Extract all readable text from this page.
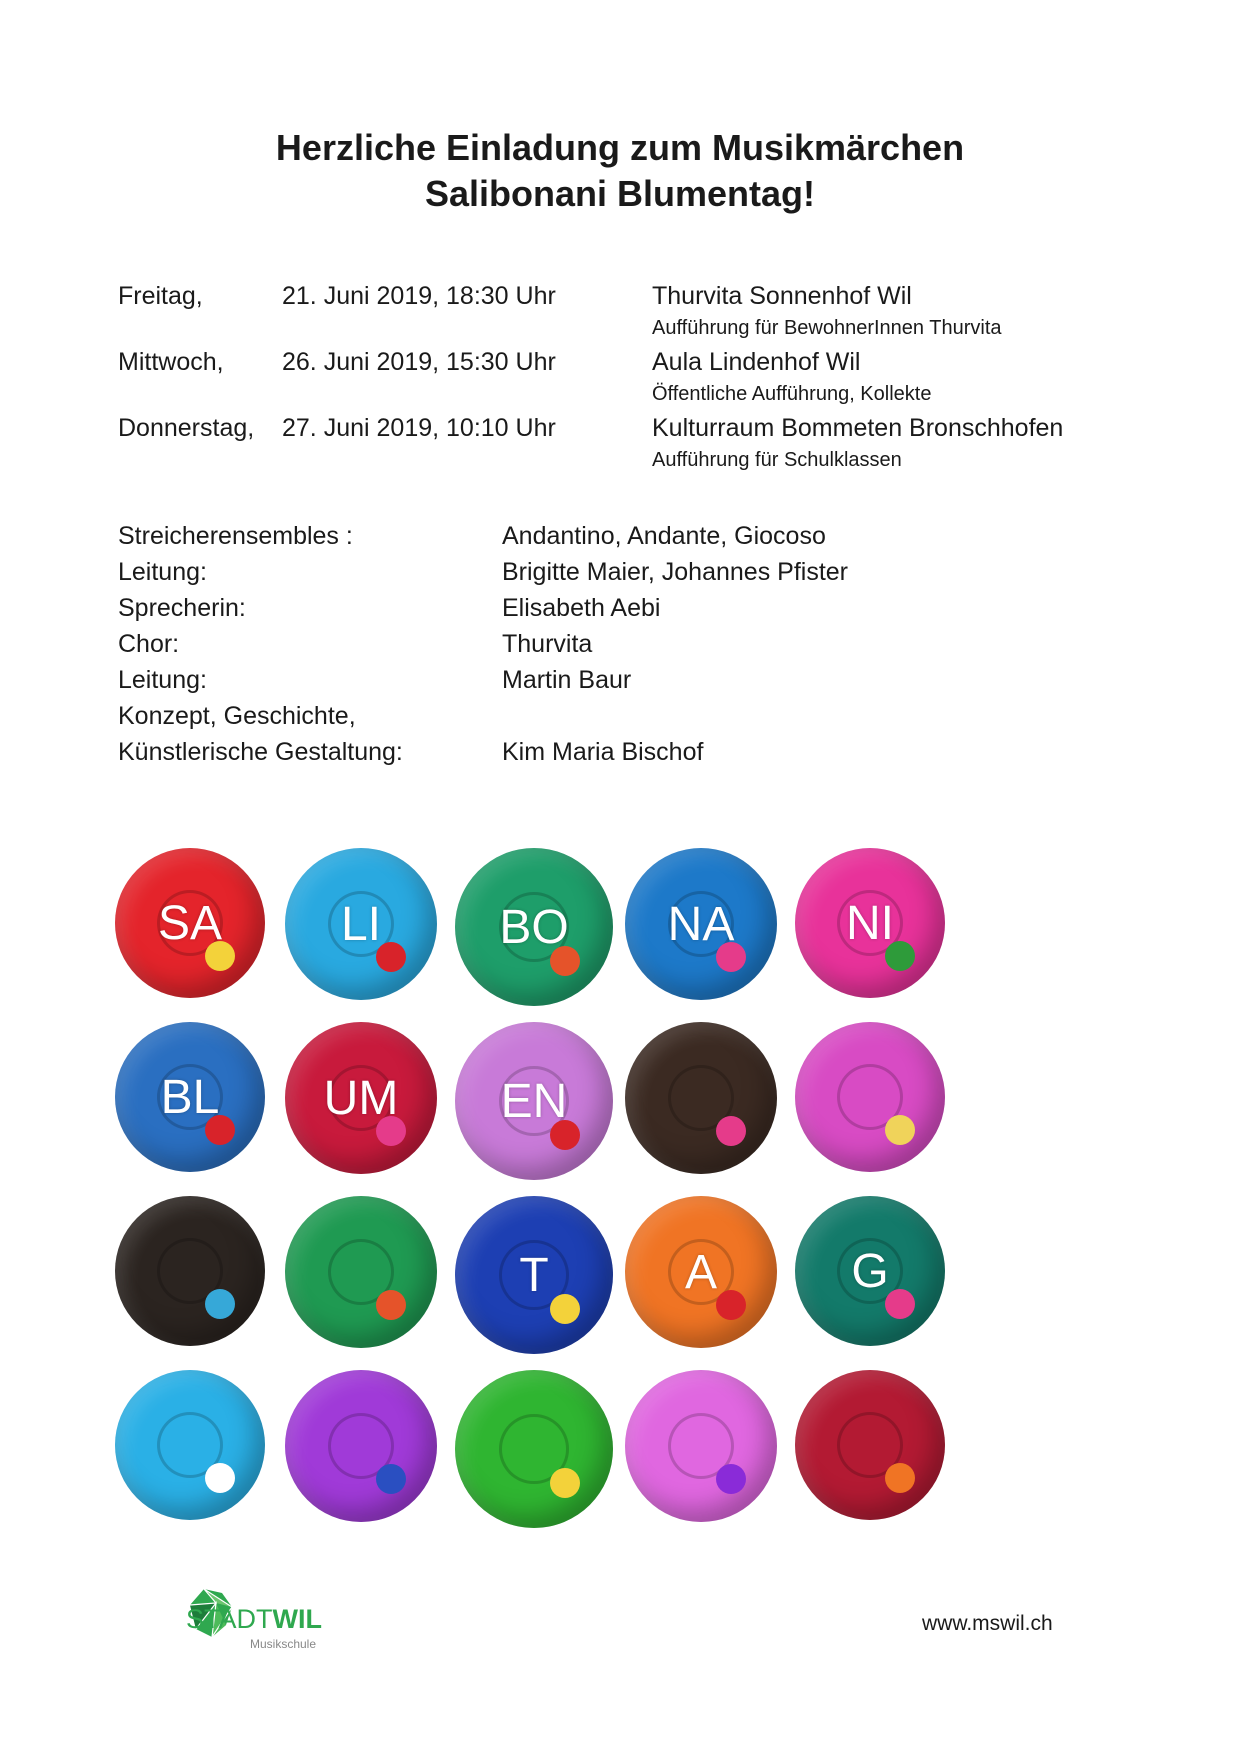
Herzliche Einladung zum Musikmärchen
Salibonani Blumentag!
Freitag,	21. Juni 2019, 18:30 Uhr	Thurvita Sonnenhof Wil
Aufführung für BewohnerInnen Thurvita
Mittwoch, 26. Juni 2019, 15:30 Uhr	Aula Lindenhof Wil
Öffentliche Aufführung, Kollekte
Donnerstag, 27. Juni 2019, 10:10 Uhr	Kulturraum Bommeten Bronschhofen
Aufführung für Schulklassen
Streicherensembles :	Andantino, Andante, Giocoso
Leitung:	Brigitte Maier, Johannes Pfister
Sprecherin:	Elisabeth Aebi
Chor:	Thurvita
Leitung:	Martin Baur
Konzept, Geschichte,
Künstlerische Gestaltung:	Kim Maria Bischof
SA	LI	BO	NA	NI
BL	UM	EN
T	A	G
STADTWIL
Musikschule
www.mswil.ch
